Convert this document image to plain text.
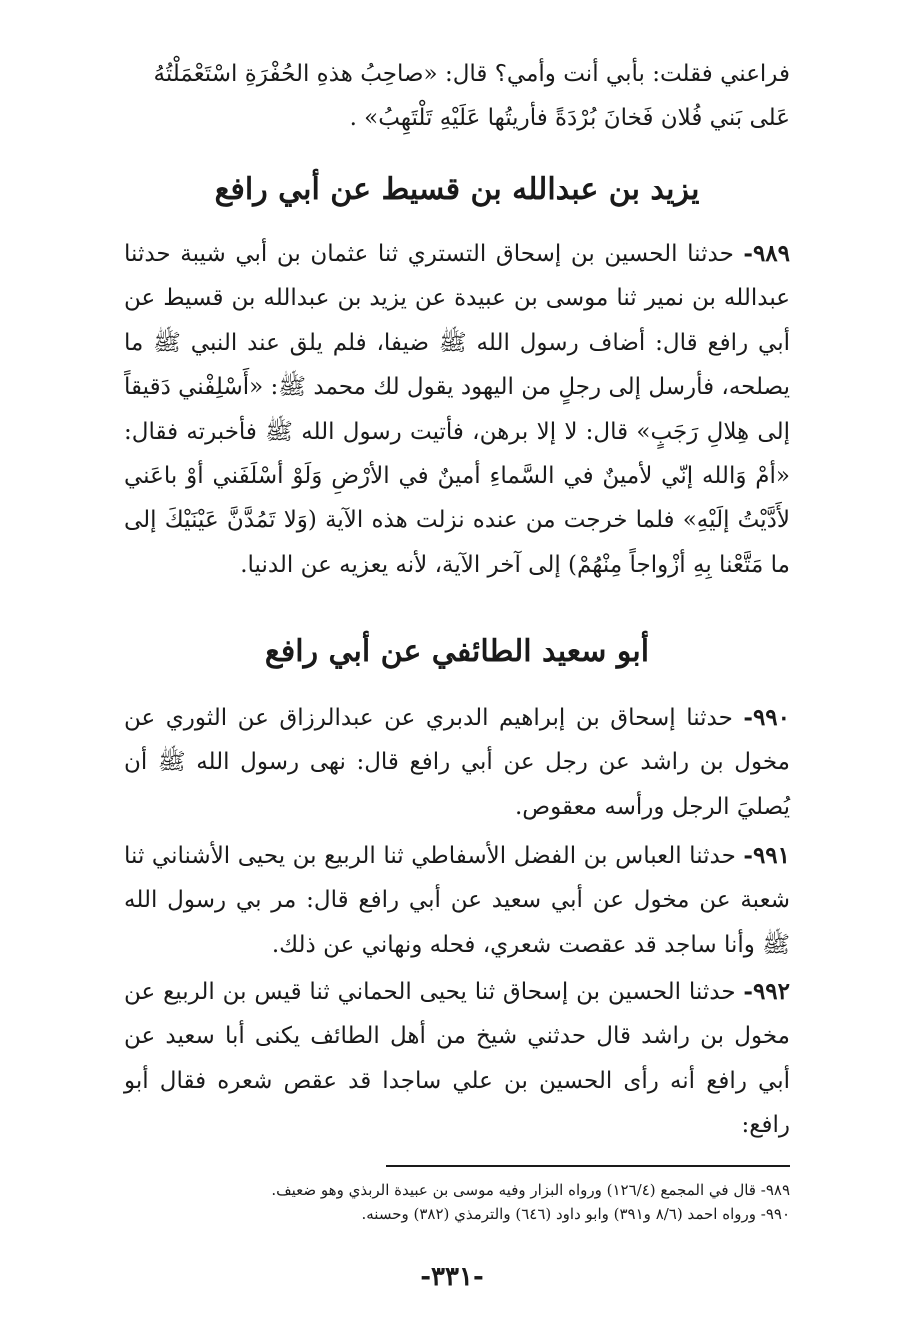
فراعني فقلت: بأبي أنت وأمي؟ قال: «صاحِبُ هذهِ الحُفْرَةِ اسْتَعْمَلْتُهُ

عَلى بَني فُلان فَخانَ بُرْدَةً فأريتُها عَلَيْهِ تَلْتَهِبُ» .

يزيد بن عبدالله بن قسيط عن أبي رافع

٩٨٩- حدثنا الحسين بن إسحاق التستري ثنا عثمان بن أبي شيبة حدثنا عبدالله بن نمير ثنا موسى بن عبيدة عن يزيد بن عبدالله بن قسيط عن أبي رافع قال: أضاف رسول الله ﷺ ضيفا، فلم يلق عند النبي ﷺ ما يصلحه، فأرسل إلى رجلٍ من اليهود يقول لك محمد ﷺ: «أَسْلِفْني دَقيقاً إلى هِلالِ رَجَبٍ» قال: لا إلا برهن، فأتيت رسول الله ﷺ فأخبرته فقال: «أمْ وَالله إنّي لأمينٌ في السَّماءِ أمينٌ في الأرْضِ وَلَوْ أسْلَفَني أوْ باعَني لأَدَّيْتُ إلَيْهِ» فلما خرجت من عنده نزلت هذه الآية (وَلا تَمُدَّنَّ عَيْنَيْكَ إلى ما مَتَّعْنا بِهِ أزْواجاً مِنْهُمْ) إلى آخر الآية، لأنه يعزيه عن الدنيا.

أبو سعيد الطائفي عن أبي رافع

٩٩٠- حدثنا إسحاق بن إبراهيم الدبري عن عبدالرزاق عن الثوري عن مخول بن راشد عن رجل عن أبي رافع قال: نهى رسول الله ﷺ أن يُصليَ الرجل ورأسه معقوص.

٩٩١- حدثنا العباس بن الفضل الأسفاطي ثنا الربيع بن يحيى الأشناني ثنا شعبة عن مخول عن أبي سعيد عن أبي رافع قال: مر بي رسول الله ﷺ وأنا ساجد قد عقصت شعري، فحله ونهاني عن ذلك.

٩٩٢- حدثنا الحسين بن إسحاق ثنا يحيى الحماني ثنا قيس بن الربيع عن مخول بن راشد قال حدثني شيخ من أهل الطائف يكنى أبا سعيد عن أبي رافع أنه رأى الحسين بن علي ساجدا قد عقص شعره فقال أبو رافع:

٩٨٩- قال في المجمع (١٢٦/٤) ورواه البزار وفيه موسى بن عبيدة الربذي وهو ضعيف.

٩٩٠- ورواه احمد (٨/٦ و٣٩١) وابو داود (٦٤٦) والترمذي (٣٨٢) وحسنه.

-٣٣١-
